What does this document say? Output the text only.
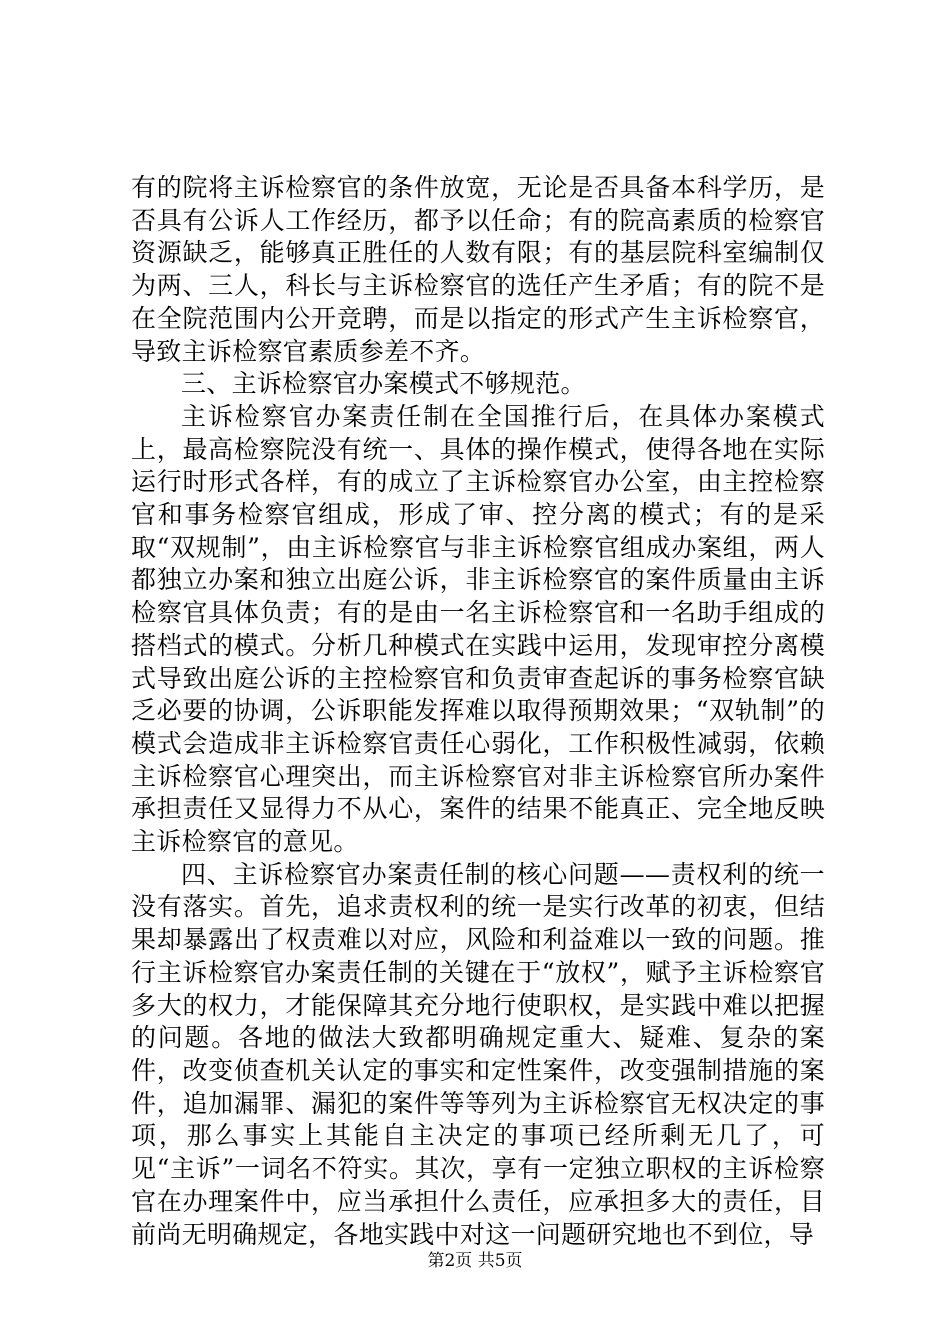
有的院将主诉检察官的条件放宽，无论是否具备本科学历，是否具有公诉人工作经历，都予以任命；有的院高素质的检察官资源缺乏，能够真正胜任的人数有限；有的基层院科室编制仅为两、三人，科长与主诉检察官的选任产生矛盾；有的院不是在全院范围内公开竞聘，而是以指定的形式产生主诉检察官，导致主诉检察官素质参差不齐。

三、主诉检察官办案模式不够规范。

主诉检察官办案责任制在全国推行后，在具体办案模式上，最高检察院没有统一、具体的操作模式，使得各地在实际运行时形式各样，有的成立了主诉检察官办公室，由主控检察官和事务检察官组成，形成了审、控分离的模式；有的是采取“双规制”，由主诉检察官与非主诉检察官组成办案组，两人都独立办案和独立出庭公诉，非主诉检察官的案件质量由主诉检察官具体负责；有的是由一名主诉检察官和一名助手组成的搭档式的模式。分析几种模式在实践中运用，发现审控分离模式导致出庭公诉的主控检察官和负责审查起诉的事务检察官缺乏必要的协调，公诉职能发挥难以取得预期效果；“双轨制”的模式会造成非主诉检察官责任心弱化，工作积极性减弱，依赖主诉检察官心理突出，而主诉检察官对非主诉检察官所办案件承担责任又显得力不从心，案件的结果不能真正、完全地反映主诉检察官的意见。

四、主诉检察官办案责任制的核心问题——责权利的统一没有落实。首先，追求责权利的统一是实行改革的初衷，但结果却暴露出了权责难以对应，风险和利益难以一致的问题。推行主诉检察官办案责任制的关键在于“放权”，赋予主诉检察官多大的权力，才能保障其充分地行使职权，是实践中难以把握的问题。各地的做法大致都明确规定重大、疑难、复杂的案件，改变侦查机关认定的事实和定性案件，改变强制措施的案件，追加漏罪、漏犯的案件等等列为主诉检察官无权决定的事项，那么事实上其能自主决定的事项已经所剩无几了，可见“主诉”一词名不符实。其次，享有一定独立职权的主诉检察官在办理案件中，应当承担什么责任，应承担多大的责任，目前尚无明确规定，各地实践中对这一问题研究地也不到位，导

第2页 共5页
